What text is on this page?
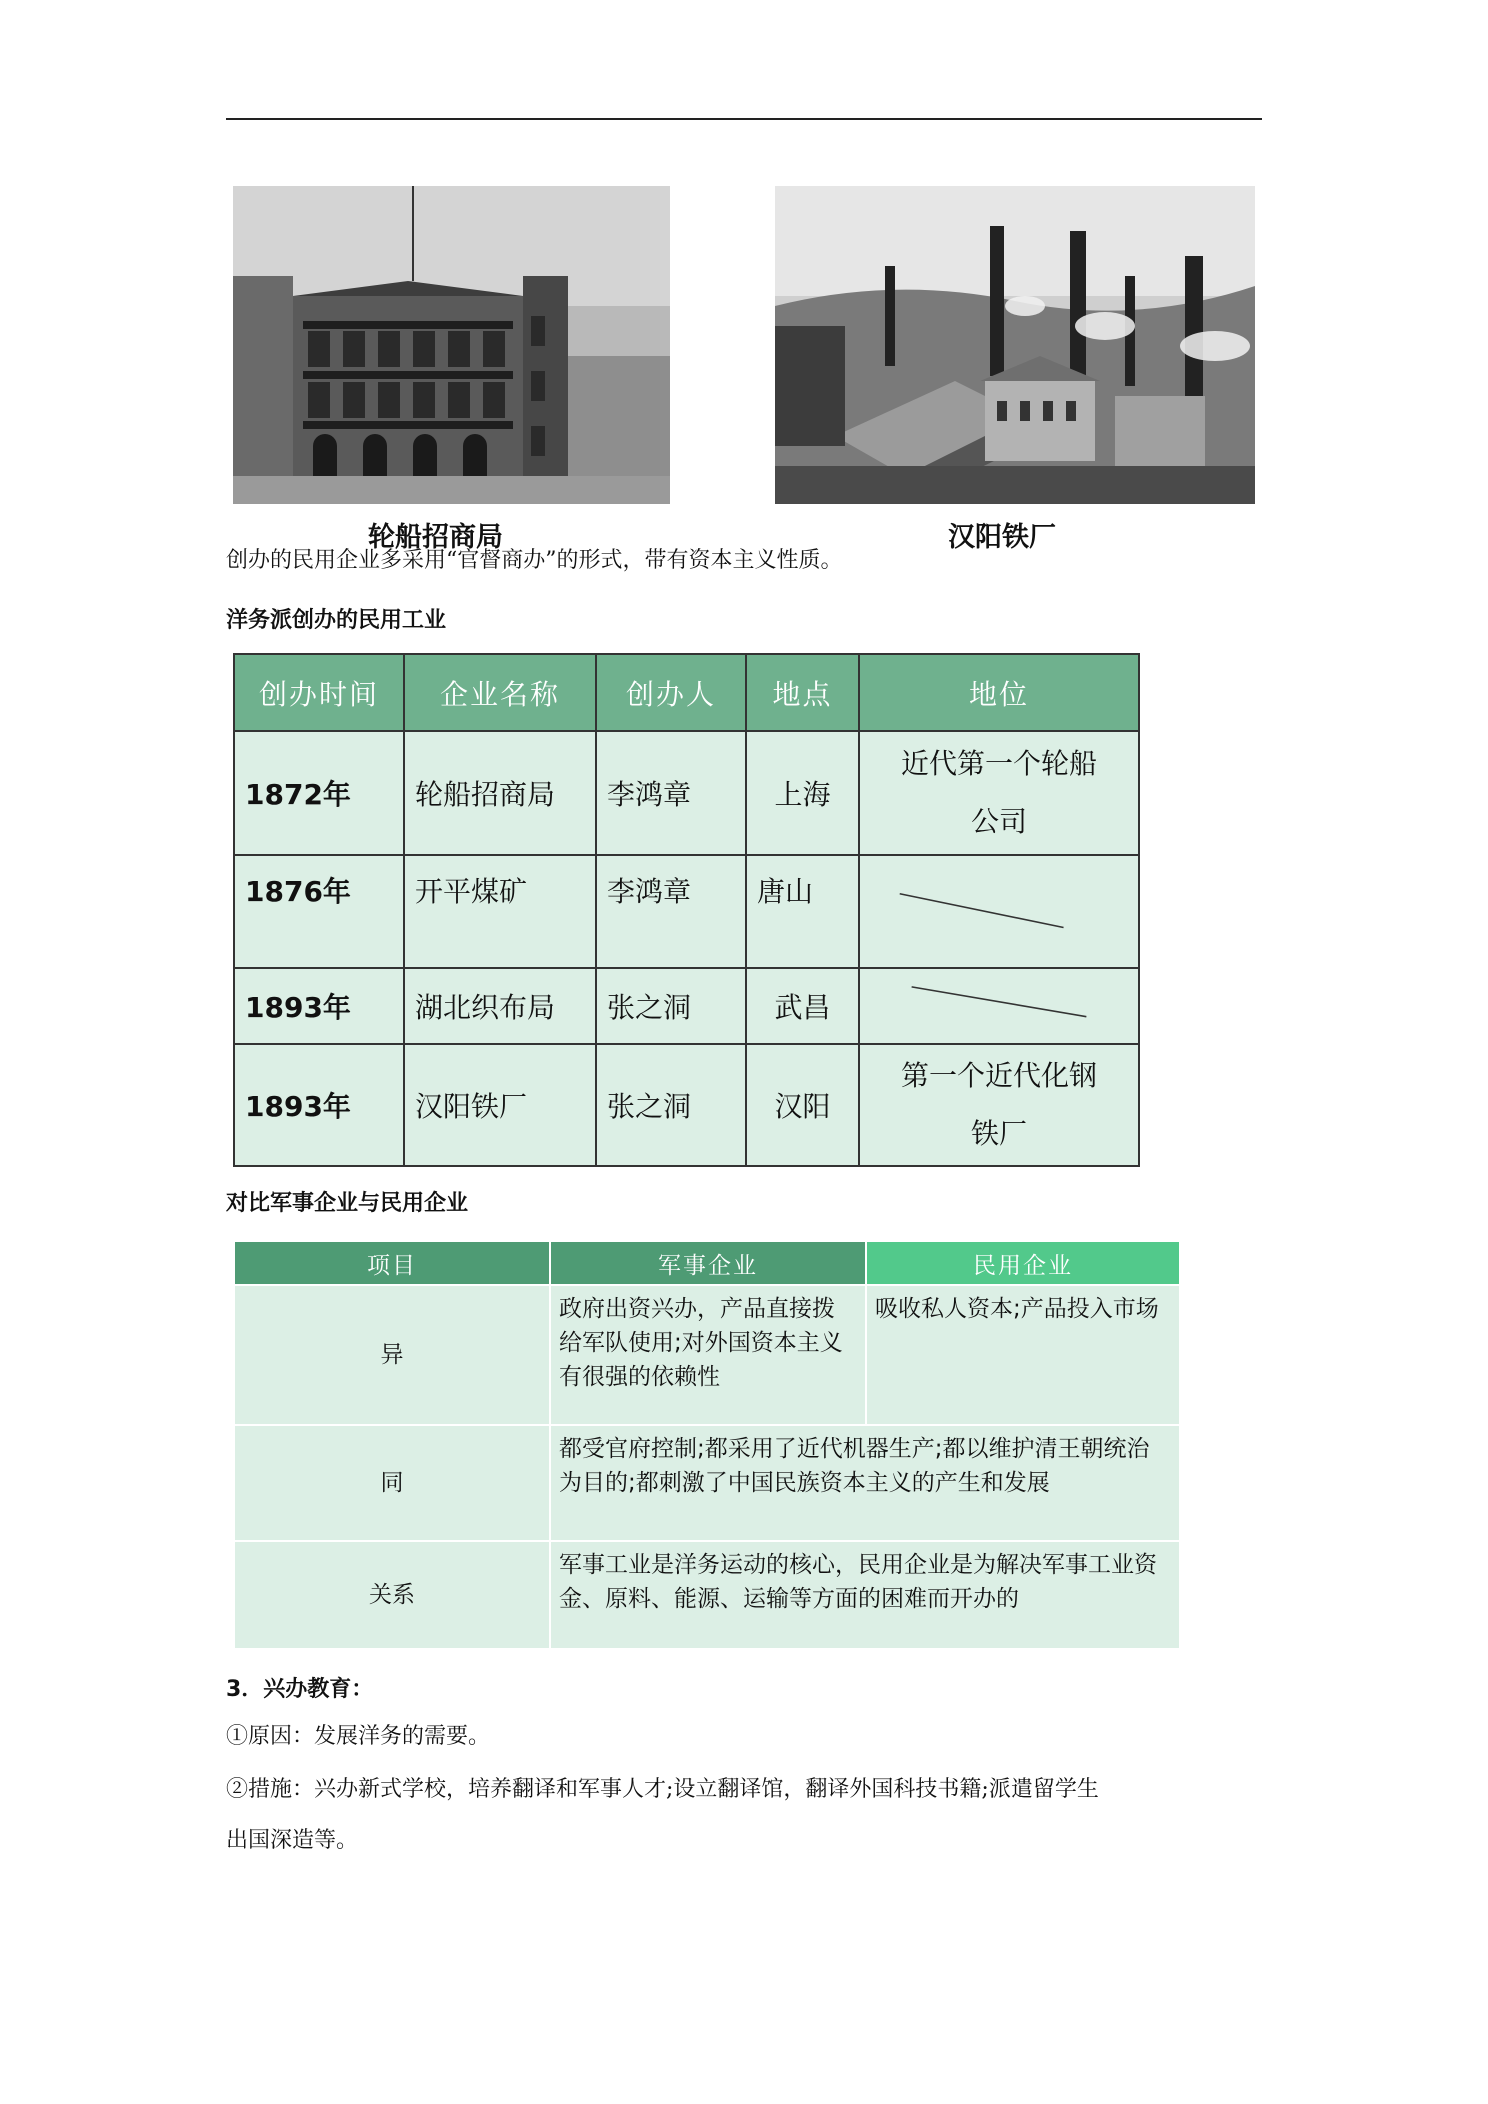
轮船招商局	汉阳铁厂
创办的民用企业多采用“官督商办”的形式，带有资本主义性质。
洋务派创办的民用工业
创办时间	企业名称	创办人	地点	地位
1872年	轮船招商局	李鸿章	上海	近代第一个轮船
公司

1876年	开平煤矿	李鸿章	唐山	

1893年	湖北织布局	张之洞	武昌	

1893年	汉阳铁厂	张之洞	汉阳	第一个近代化钢
铁厂
对比军事企业与民用企业
项目	军事企业	民用企业
异	政府出资兴办，产品直接拨给军队使用;对外国资本主义有很强的依赖性	吸收私人资本;产品投入市场
同	都受官府控制;都采用了近代机器生产;都以维护清王朝统治为目的;都刺激了中国民族资本主义的产生和发展	
关系	军事工业是洋务运动的核心，民用企业是为解决军事工业资金、原料、能源、运输等方面的困难而开办的	
3．兴办教育：
①原因：发展洋务的需要。
②措施：兴办新式学校，培养翻译和军事人才;设立翻译馆，翻译外国科技书籍;派遣留学生
出国深造等。
